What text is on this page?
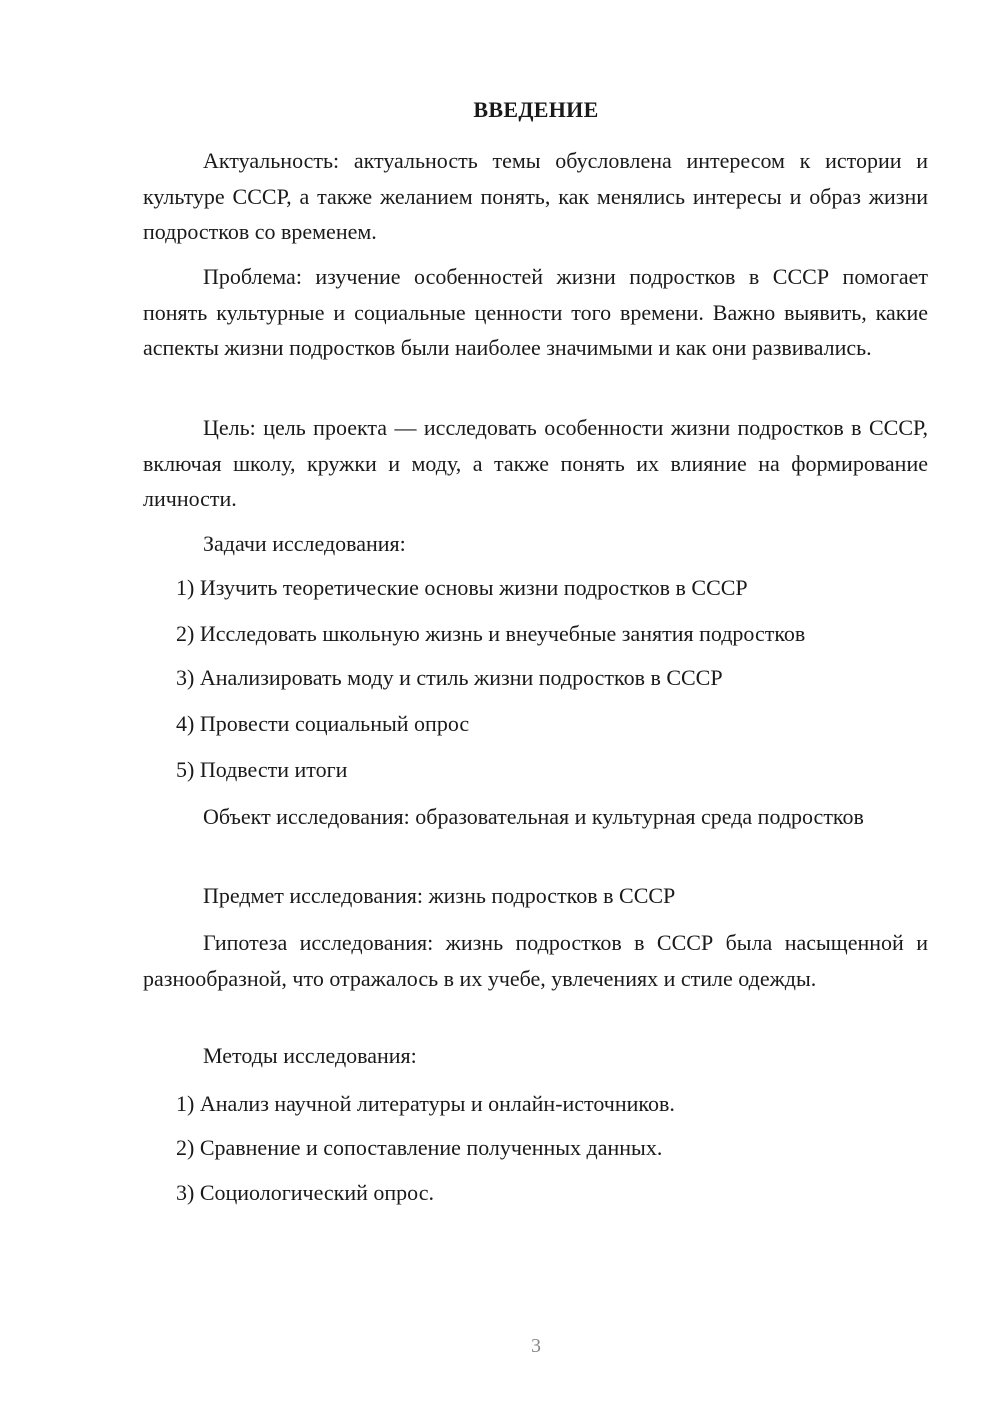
ВВЕДЕНИЕ
Актуальность: актуальность темы обусловлена интересом к истории и культуре СССР, а также желанием понять, как менялись интересы и образ жизни подростков со временем.
Проблема: изучение особенностей жизни подростков в СССР помогает понять культурные и социальные ценности того времени. Важно выявить, какие аспекты жизни подростков были наиболее значимыми и как они развивались.
Цель: цель проекта — исследовать особенности жизни подростков в СССР, включая школу, кружки и моду, а также понять их влияние на формирование личности.
Задачи исследования:
1) Изучить теоретические основы жизни подростков в СССР
2) Исследовать школьную жизнь и внеучебные занятия подростков
3) Анализировать моду и стиль жизни подростков в СССР
4) Провести социальный опрос
5) Подвести итоги
Объект исследования: образовательная и культурная среда подростков
Предмет исследования: жизнь подростков в СССР
Гипотеза исследования: жизнь подростков в СССР была насыщенной и разнообразной, что отражалось в их учебе, увлечениях и стиле одежды.
Методы исследования:
1) Анализ научной литературы и онлайн-источников.
2) Сравнение и сопоставление полученных данных.
3) Социологический опрос.
3
